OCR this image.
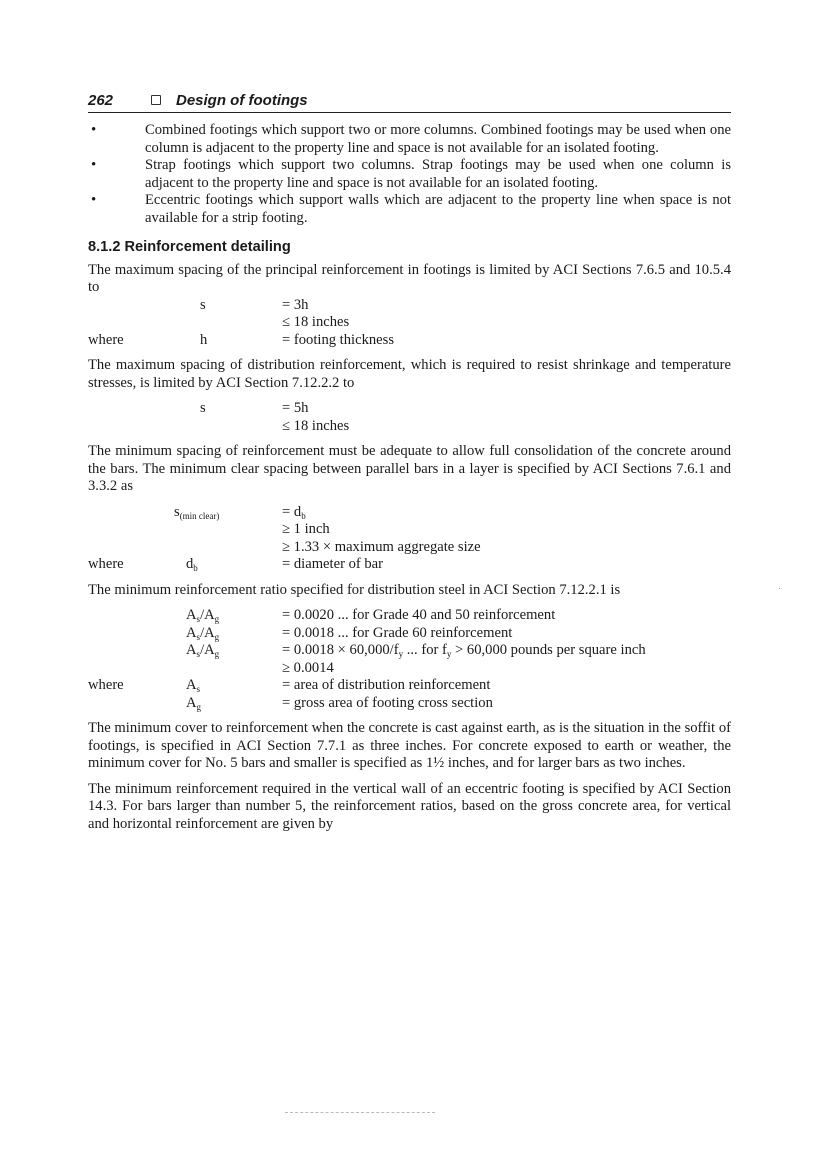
262	Design of footings
•	Combined footings which support two or more columns. Combined footings may be used when one column is adjacent to the property line and space is not available for an isolated footing.
•	Strap footings which support two columns. Strap footings may be used when one column is adjacent to the property line and space is not available for an isolated footing.
•	Eccentric footings which support walls which are adjacent to the property line when space is not available for a strip footing.
8.1.2 Reinforcement detailing

The maximum spacing of the principal reinforcement in footings is limited by ACI Sections 7.6.5 and 10.5.4 to

s	= 3h
≤ 18 inches
where	h	= footing thickness

The maximum spacing of distribution reinforcement, which is required to resist shrinkage and temperature stresses, is limited by ACI Section 7.12.2.2 to

s	= 5h
≤ 18 inches

The minimum spacing of reinforcement must be adequate to allow full consolidation of the concrete around the bars. The minimum clear spacing between parallel bars in a layer is specified by ACI Sections 7.6.1 and 3.3.2 as

$s_{(min clear)}$	= $d_b$
≥ 1 inch
≥ 1.33 × maximum aggregate size
where	$d_b$	= diameter of bar

The minimum reinforcement ratio specified for distribution steel in ACI Section 7.12.2.1 is

$A_s/A_g$	= 0.0020 ... for Grade 40 and 50 reinforcement
$A_s/A_g$	= 0.0018 ... for Grade 60 reinforcement
$A_s/A_g$	= $0.0018 \times 60,000/f_y$ ... for $f_y > 60,000$ pounds per square inch
≥ 0.0014
where	$A_s$	= area of distribution reinforcement
$A_g$	= gross area of footing cross section

The minimum cover to reinforcement when the concrete is cast against earth, as is the situation in the soffit of footings, is specified in ACI Section 7.7.1 as three inches. For concrete exposed to earth or weather, the minimum cover for No. 5 bars and smaller is specified as 1½ inches, and for larger bars as two inches.

The minimum reinforcement required in the vertical wall of an eccentric footing is specified by ACI Section 14.3. For bars larger than number 5, the reinforcement ratios, based on the gross concrete area, for vertical and horizontal reinforcement are given by
